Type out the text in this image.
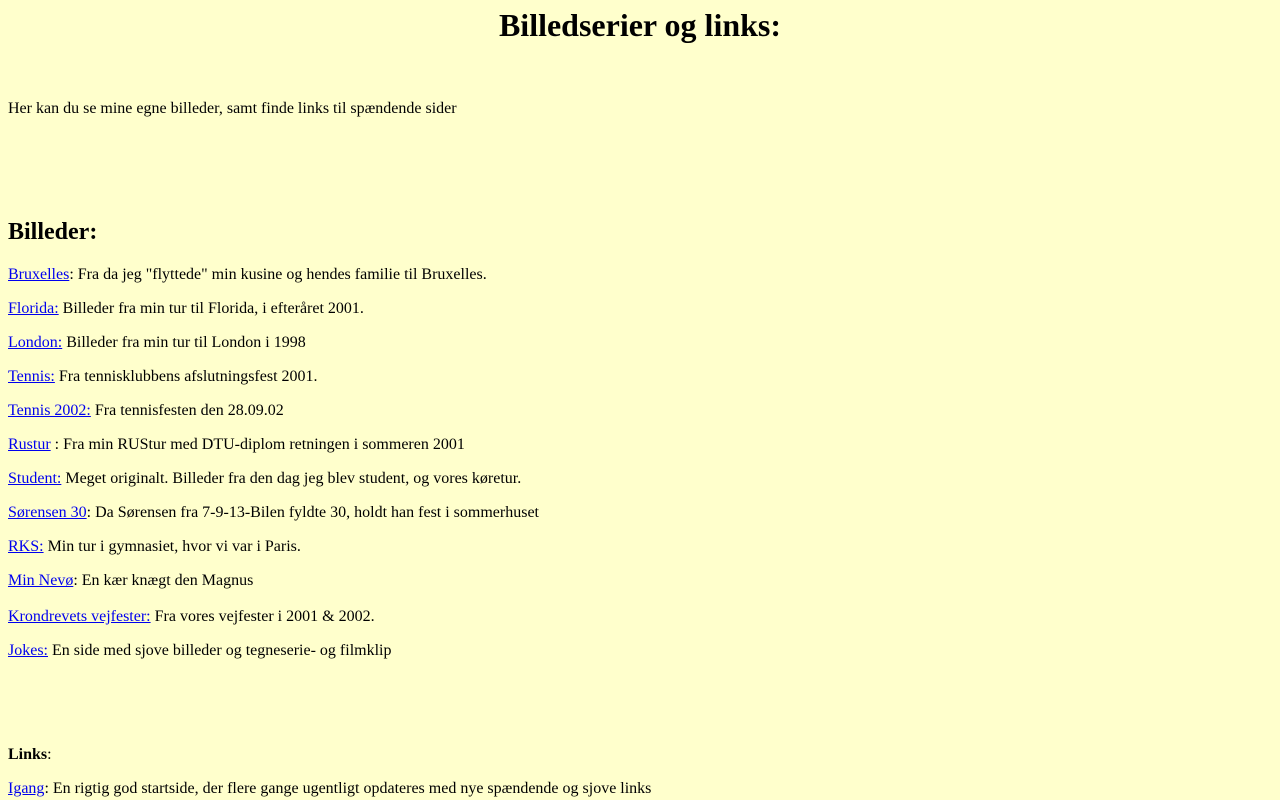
Billedserier og links:
Her kan du se mine egne billeder, samt finde links til spændende sider
Billeder:
Bruxelles: Fra da jeg "flyttede" min kusine og hendes familie til Bruxelles.
Florida: Billeder fra min tur til Florida, i efteråret 2001.
London: Billeder fra min tur til London i 1998
Tennis: Fra tennisklubbens afslutningsfest 2001.
Tennis 2002: Fra tennisfesten den 28.09.02
Rustur : Fra min RUStur med DTU-diplom retningen i sommeren 2001
Student: Meget originalt. Billeder fra den dag jeg blev student, og vores køretur.
Sørensen 30: Da Sørensen fra 7-9-13-Bilen fyldte 30, holdt han fest i sommerhuset
RKS: Min tur i gymnasiet, hvor vi var i Paris.
Min Nevø: En kær knægt den Magnus
Krondrevets vejfester: Fra vores vejfester i 2001 & 2002.
Jokes: En side med sjove billeder og tegneserie- og filmklip
Links:
Igang: En rigtig god startside, der flere gange ugentligt opdateres med nye spændende og sjove links
